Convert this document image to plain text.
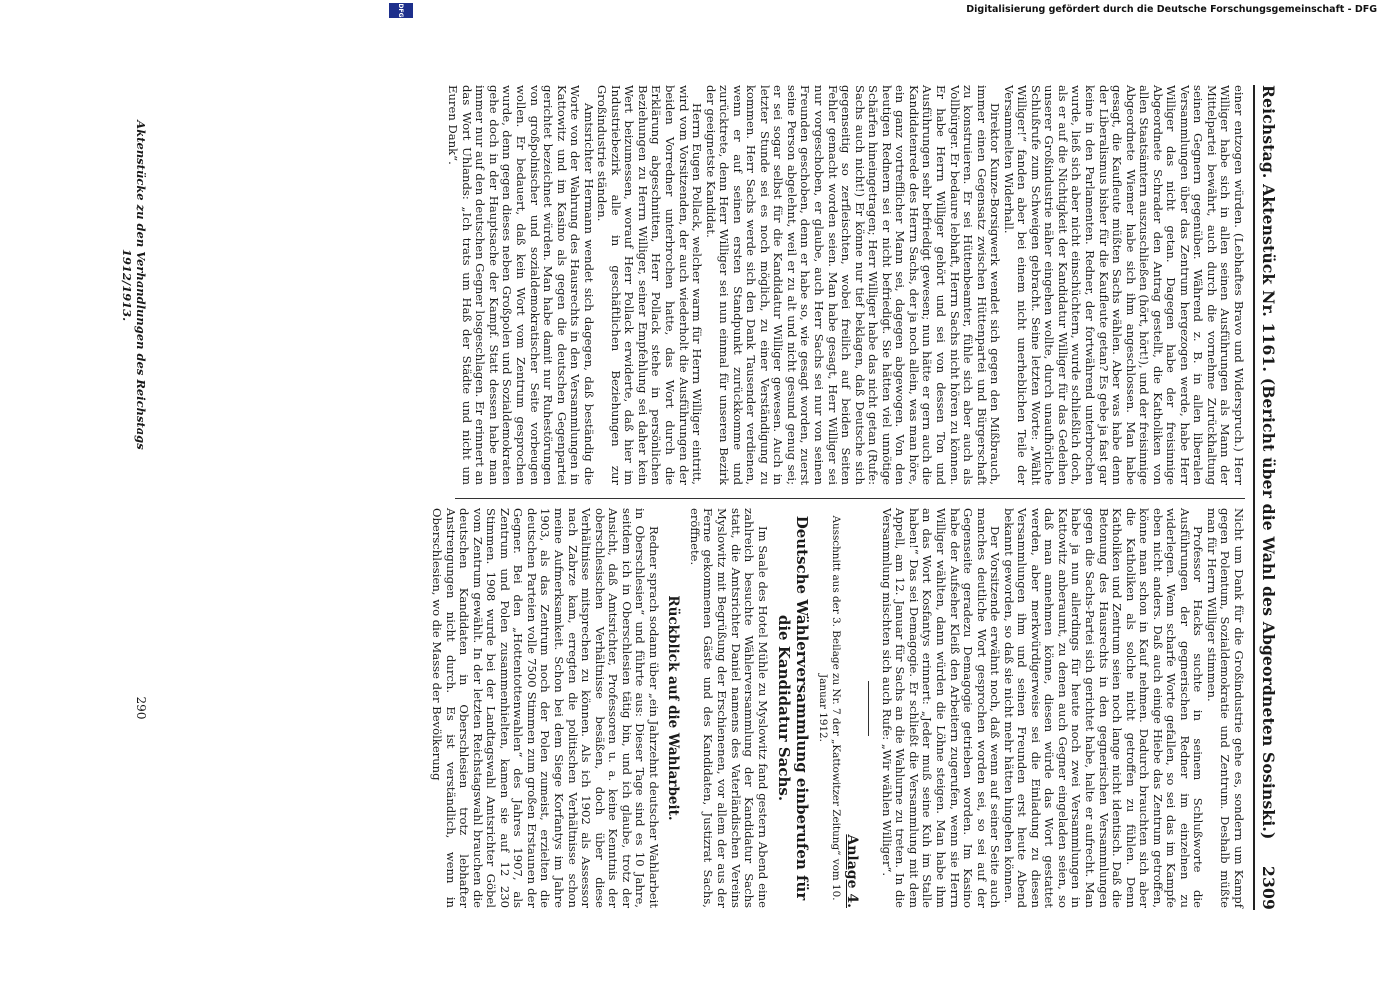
Digitalisierung gefördert durch die Deutsche Forschungsgemeinschaft - DFG
DFG
Reichstag. Aktenstück Nr. 1161. (Bericht über die Wahl des Abgeordneten Sosinski.)
2309

einer entzogen würden. (Lebhaftes Bravo und Widerspruch.) Herr Williger habe sich in allen seinen Ausführungen als Mann der Mittelpartei bewährt, auch durch die vornehme Zurückhaltung seinen Gegnern gegenüber. Während z. B. in allen liberalen Versammlungen über das Zentrum hergezogen werde, habe Herr Williger das nicht getan. Dagegen habe der freisinnige Abgeordnete Schrader den Antrag gestellt, die Katholiken von allen Staatsämtern auszuschließen (hört, hört!), und der freisinnige Abgeordnete Wiemer habe sich ihm angeschlossen. Man habe gesagt, die Kaufleute müßten Sachs wählen. Aber was habe denn der Liberalismus bisher für die Kaufleute getan? Es gebe ja fast gar keine in den Parlamenten. Redner, der fortwährend unterbrochen wurde, ließ sich aber nicht einschüchtern, wurde schließlich doch, als er auf die Nichtigkeit der Kandidatur Williger für das Gedeihen unserer Großindustrie näher eingehen wollte, durch unaufhörliche Schlußrufe zum Schweigen gebracht. Seine letzten Worte: „Wählt Williger!“ fanden aber bei einem nicht unerheblichen Teile der Versammelten Widerhall.

Direktor Kunze-Borsigwerk wendet sich gegen den Mißbrauch, immer einen Gegensatz zwischen Hüttenpartei und Bürgerschaft zu konstruieren. Er sei Hüttenbeamter, fühle sich aber auch als Vollbürger. Er bedaure lebhaft, Herrn Sachs nicht hören zu können. Er habe Herrn Williger gehört und sei von dessen Ton und Ausführungen sehr befriedigt gewesen; nun hätte er gern auch die Kandidatenrede des Herrn Sachs, der ja noch allein, was man höre, ein ganz vortrefflicher Mann sei, dagegen abgewogen. Von den heutigen Rednern sei er nicht befriedigt. Sie hätten viel unnötige Schärfen hineingetragen; Herr Williger habe das nicht getan (Rufe: Sachs auch nicht!) Er könne nur tief beklagen, daß Deutsche sich gegenseitig so zerfleischten, wobei freilich auf beiden Seiten Fehler gemacht worden seien. Man habe gesagt, Herr Williger sei nur vorgeschoben, er glaube, auch Herr Sachs sei nur von seinen Freunden geschoben, denn er habe so, wie gesagt worden, zuerst seine Person abgelehnt, weil er zu alt und nicht gesund genug sei; er sei sogar selbst für die Kandidatur Williger gewesen. Auch in letzter Stunde sei es noch möglich, zu einer Verständigung zu kommen. Herr Sachs werde sich den Dank Tausender verdienen, wenn er auf seinen ersten Standpunkt zurückkomme und zurücktrete, denn Herr Williger sei nun einmal für unseren Bezirk der geeignetste Kandidat.

Herrn Eugen Pollack, welcher warm für Herrn Williger eintritt, wird vom Vorsitzenden, der auch wiederholt die Ausführungen der beiden Vorredner unterbrochen hatte, das Wort durch die Erklärung abgeschnitten, Herr Pollack stehe in persönlichen Beziehungen zu Herrn Williger, seiner Empfehlung sei daher kein Wert beizumessen, worauf Herr Pollack erwiderte, daß hier im Industriebezirk alle in geschäftlichen Beziehungen zur Großindustrie ständen.

Amtsrichter Hermann wendet sich dagegen, daß beständig die Worte von der Wahrung des Hausrechts in den Versammlungen in Kattowitz und im Kasino als gegen die deutschen Gegenpartei gerichtet bezeichnet würden. Man habe damit nur Ruhestörungen von großpolnischer und sozialdemokratischer Seite vorbeugen wollen. Er bedauert, daß kein Wort vom Zentrum gesprochen wurde, denn gegen dieses neben Großpolen und Sozialdemokraten gehe doch in der Hauptsache der Kampf. Statt dessen habe man immer nur auf den deutschen Gegner losgeschlagen. Er erinnert an das Wort Uhlands: „Ich trats um Haß der Städte und nicht um Euren Dank“.

Nicht um Dank für die Großindustrie gehe es, sondern um Kampf gegen Polentum, Sozialdemokratie und Zentrum. Deshalb müßte man für Herrn Williger stimmen.

Professor Hacks suchte in seinem Schlußworte die Ausführungen der gegnerischen Redner im einzelnen zu widerlegen. Wenn scharfe Worte gefallen, so sei das im Kampfe eben nicht anders. Daß auch einige Hiebe das Zentrum getroffen, könne man schon in Kauf nehmen. Dadurch brauchten sich aber die Katholiken als solche nicht getroffen zu fühlen. Denn Katholiken und Zentrum seien noch lange nicht identisch. Daß die Betonung des Hausrechts in den gegnerischen Versammlungen gegen die Sachs-Partei sich gerichtet habe, halte er aufrecht. Man habe ja nun allerdings für heute noch zwei Versammlungen in Kattowitz anberaumt, zu denen auch Gegner eingeladen seien, so daß man annehmen könne, diesen würde das Wort gestattet werden, aber merkwürdigerweise sei die Einladung zu diesen Versammlungen ihm und seinen Freunden erst heute Abend bekannt geworden, so daß sie nicht mehr hätten hingehen können.

Der Vorsitzende erwähnt noch, daß wenn auf seiner Seite auch manches deutliche Wort gesprochen worden sei, so sei auf der Gegenseite geradezu Demagogie getrieben worden. Im Kasino habe der Aufseher Kleiß den Arbeitern zugerufen, wenn sie Herrn Williger wählten, dann würden die Löhne steigen. Man habe ihm an das Wort Kosfantys erinnert: „Jeder muß seine Kuh im Stalle haben!“ Das sei Demagogie. Er schließt die Versammlung mit dem Appell, am 12. Januar für Sachs an die Wahlurne zu treten. In die Versammlung mischten sich auch Rufe: „Wir wählen Williger“.

Anlage 4.
Ausschnitt aus der 3. Beilage zu Nr. 7 der „Kattowitzer Zeitung“ vom 10. Januar 1912.
Deutsche Wählerversammlung einberufen für die Kandidatur Sachs.

Im Saale des Hotel Mühle zu Myslowitz fand gestern Abend eine zahlreich besuchte Wählerversammlung der Kandidatur Sachs statt, die Amtsrichter Daniel namens des Vaterländischen Vereins Myslowitz mit Begrüßung der Erschienenen, vor allem der aus der Ferne gekommenen Gäste und des Kandidaten, Justizrat Sachs, eröffnete.

Rückblick auf die Wahlarbeit.

Redner sprach sodann über „ein Jahrzehnt deutscher Wahlarbeit in Oberschlesien“ und führte aus: Dieser Tage sind es 10 Jahre, seitdem ich in Oberschlesien tätig bin, und ich glaube, trotz der Ansicht, daß Amtsrichter, Professoren u. a. keine Kenntnis der oberschlesischen Verhältnisse besäßen, doch über diese Verhältnisse mitsprechen zu können. Als ich 1902 als Assessor nach Zabrze kam, erregten die politischen Verhältnisse schon meine Aufmerksamkeit. Schon bei dem Siege Korfantys im Jahre 1903, als das Zentrum noch der Polen zumeist, erzielten die deutschen Parteien volle 7500 Stimmen zum großen Erstaunen der Gegner. Bei den „Hottentottenwahlen“ des Jahres 1907, als Zentrum und Polen zusammenhielten, kamen sie auf 12 230 Stimmen. 1908 wurde bei der Landtagswahl Amtsrichter Göbel vom Zentrum gewählt. In der letzten Reichstagswahl brauchen die deutschen Kandidaten in Oberschlesien trotz lebhafter Anstrengungen nicht durch. Es ist verständlich, wenn in Oberschlesien, wo die Masse der Bevölkerung

Aktenstücke zu den Verhandlungen des Reichstags 1912/1913.
290
